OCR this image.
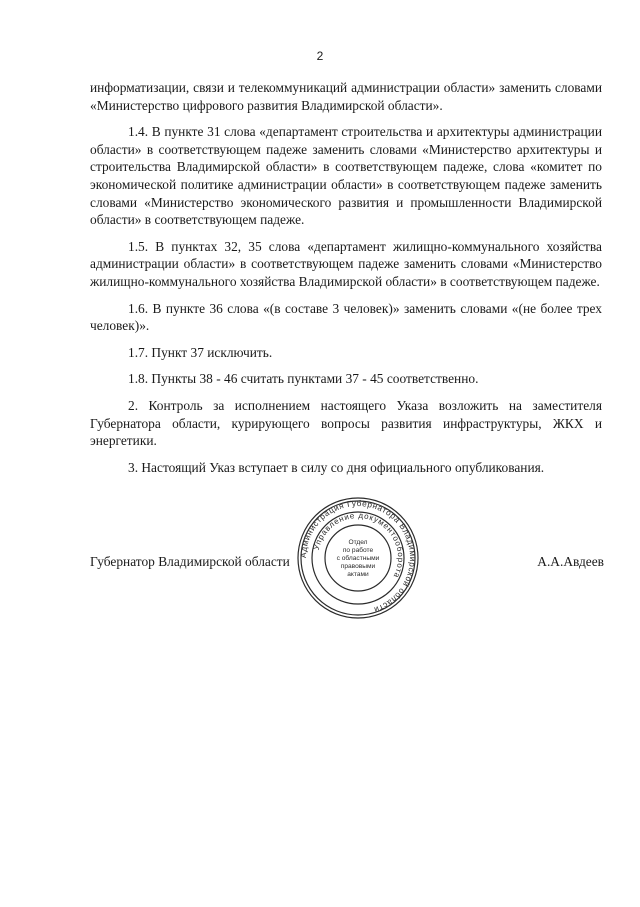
2

информатизации, связи и телекоммуникаций администрации области» заменить словами «Министерство цифрового развития Владимирской области».

1.4. В пункте 31 слова «департамент строительства и архитектуры администрации области» в соответствующем падеже заменить словами «Министерство архитектуры и строительства Владимирской области» в соответствующем падеже, слова «комитет по экономической политике администрации области» в соответствующем падеже заменить словами «Министерство экономического развития и промышленности Владимирской области» в соответствующем падеже.

1.5. В пунктах 32, 35 слова «департамент жилищно-коммунального хозяйства администрации области» в соответствующем падеже заменить словами «Министерство жилищно-коммунального хозяйства Владимирской области» в соответствующем падеже.

1.6. В пункте 36 слова «(в составе 3 человек)» заменить словами «(не более трех человек)».

1.7. Пункт 37 исключить.

1.8. Пункты 38 - 46 считать пунктами 37 - 45 соответственно.

2. Контроль за исполнением настоящего Указа возложить на заместителя Губернатора области, курирующего вопросы развития инфраструктуры, ЖКХ и энергетики.

3. Настоящий Указ вступает в силу со дня официального опубликования.

Губернатор Владимирской области	А.А.Авдеев
Администрация Губернатора Владимирской области
Управление документооборота
Отдел
по работе
с областными
правовыми
актами
